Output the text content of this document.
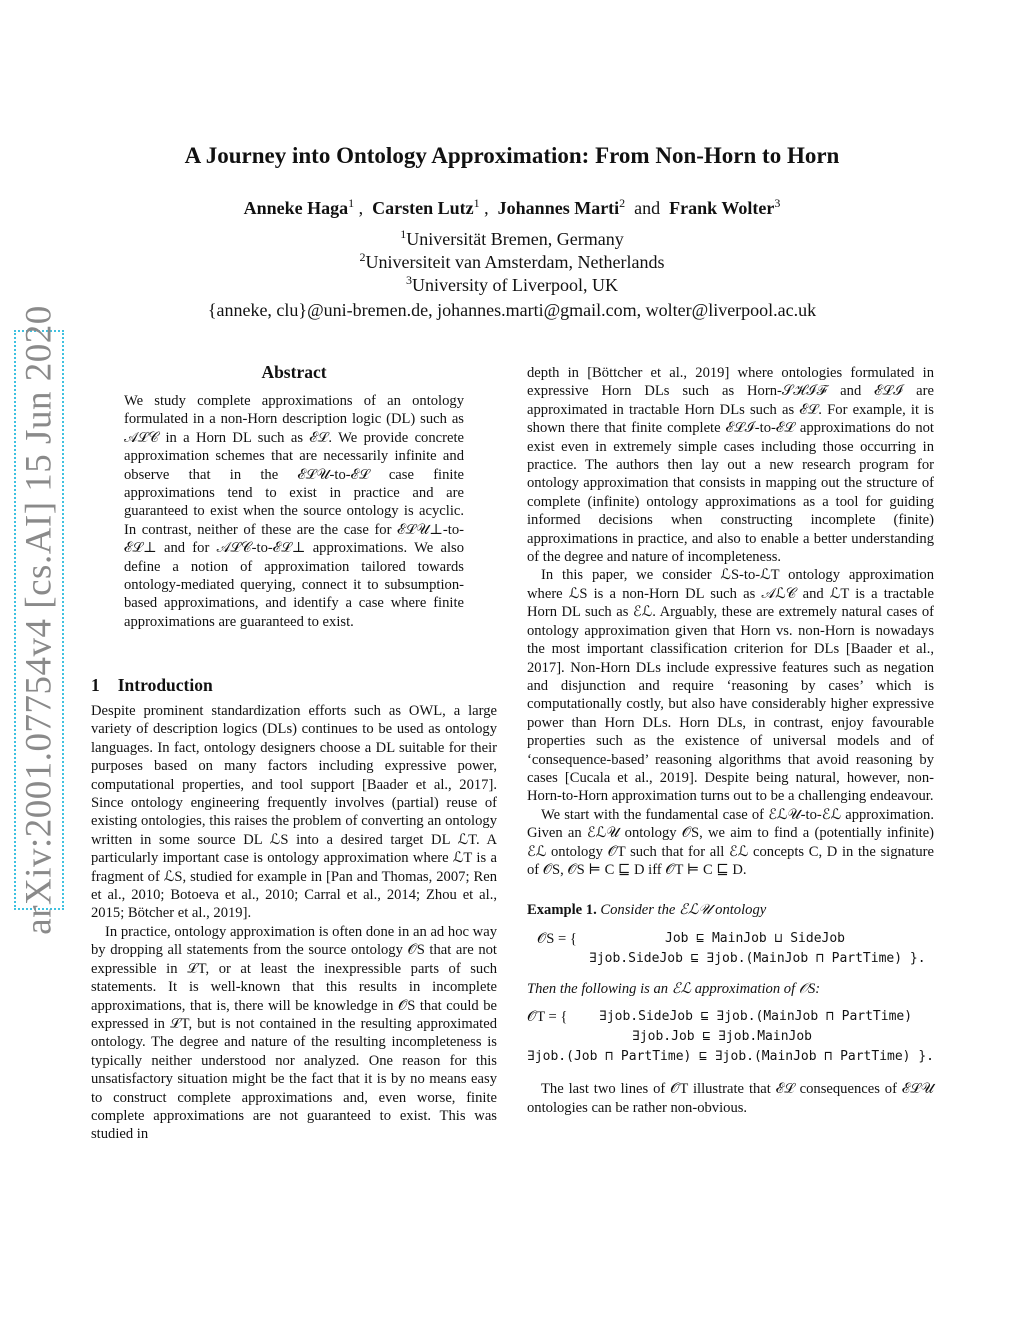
arXiv:2001.07754v4 [cs.AI] 15 Jun 2020
A Journey into Ontology Approximation: From Non-Horn to Horn
Anneke Haga$^1$ , Carsten Lutz$^1$ , Johannes Marti$^2$ and Frank Wolter$^3$
$^1$Universität Bremen, Germany
$^2$Universiteit van Amsterdam, Netherlands
$^3$University of Liverpool, UK
{anneke, clu}@uni-bremen.de, johannes.marti@gmail.com, wolter@liverpool.ac.uk
Abstract

We study complete approximations of an ontology formulated in a non-Horn description logic (DL) such as 𝒜ℒ𝒞 in a Horn DL such as ℰℒ. We provide concrete approximation schemes that are necessarily infinite and observe that in the ℰℒ𝒰-to-ℰℒ case finite approximations tend to exist in practice and are guaranteed to exist when the source ontology is acyclic. In contrast, neither of these are the case for ℰℒ𝒰⊥-to-ℰℒ⊥ and for 𝒜ℒ𝒞-to-ℰℒ⊥ approximations. We also define a notion of approximation tailored towards ontology-mediated querying, connect it to subsumption-based approximations, and identify a case where finite approximations are guaranteed to exist.

1 Introduction

Despite prominent standardization efforts such as OWL, a large variety of description logics (DLs) continues to be used as ontology languages. In fact, ontology designers choose a DL suitable for their purposes based on many factors including expressive power, computational properties, and tool support [Baader et al., 2017]. Since ontology engineering frequently involves (partial) reuse of existing ontologies, this raises the problem of converting an ontology written in some source DL ℒS into a desired target DL ℒT. A particularly important case is ontology approximation where ℒT is a fragment of ℒS, studied for example in [Pan and Thomas, 2007; Ren et al., 2010; Botoeva et al., 2010; Carral et al., 2014; Zhou et al., 2015; Bötcher et al., 2019].

In practice, ontology approximation is often done in an ad hoc way by dropping all statements from the source ontology 𝒪S that are not expressible in ℒT, or at least the inexpressible parts of such statements. It is well-known that this results in incomplete approximations, that is, there will be knowledge in 𝒪S that could be expressed in ℒT, but is not contained in the resulting approximated ontology. The degree and nature of the resulting incompleteness is typically neither understood nor analyzed. One reason for this unsatisfactory situation might be the fact that it is by no means easy to construct complete approximations and, even worse, finite complete approximations are not guaranteed to exist. This was studied in

depth in [Böttcher et al., 2019] where ontologies formulated in expressive Horn DLs such as Horn-𝒮ℋℐℱ and ℰℒℐ are approximated in tractable Horn DLs such as ℰℒ. For example, it is shown there that finite complete ℰℒℐ-to-ℰℒ approximations do not exist even in extremely simple cases including those occurring in practice. The authors then lay out a new research program for ontology approximation that consists in mapping out the structure of complete (infinite) ontology approximations as a tool for guiding informed decisions when constructing incomplete (finite) approximations in practice, and also to enable a better understanding of the degree and nature of incompleteness.

In this paper, we consider ℒS-to-ℒT ontology approximation where ℒS is a non-Horn DL such as 𝒜ℒ𝒞 and ℒT is a tractable Horn DL such as ℰℒ. Arguably, these are extremely natural cases of ontology approximation given that Horn vs. non-Horn is nowadays the most important classification criterion for DLs [Baader et al., 2017]. Non-Horn DLs include expressive features such as negation and disjunction and require ‘reasoning by cases’ which is computationally costly, but also have considerably higher expressive power than Horn DLs. Horn DLs, in contrast, enjoy favourable properties such as the existence of universal models and of ‘consequence-based’ reasoning algorithms that avoid reasoning by cases [Cucala et al., 2019]. Despite being natural, however, non-Horn-to-Horn approximation turns out to be a challenging endeavour.

We start with the fundamental case of ℰℒ𝒰-to-ℰℒ approximation. Given an ℰℒ𝒰 ontology 𝒪S, we aim to find a (potentially infinite) ℰℒ ontology 𝒪T such that for all ℰℒ concepts C, D in the signature of 𝒪S, 𝒪S ⊨ C ⊑ D iff 𝒪T ⊨ C ⊑ D.

Example 1. Consider the ℰℒ𝒰 ontology

𝒪S = {	Job ⊑ MainJob ⊔ SideJob
∃job.SideJob ⊑ ∃job.(MainJob ⊓ PartTime) }.

Then the following is an ℰℒ approximation of 𝒪S:

𝒪T = { ∃job.SideJob ⊑ ∃job.(MainJob ⊓ PartTime)
∃job.Job ⊑ ∃job.MainJob
∃job.(Job ⊓ PartTime) ⊑ ∃job.(MainJob ⊓ PartTime) }.

The last two lines of 𝒪T illustrate that ℰℒ consequences of ℰℒ𝒰 ontologies can be rather non-obvious.
